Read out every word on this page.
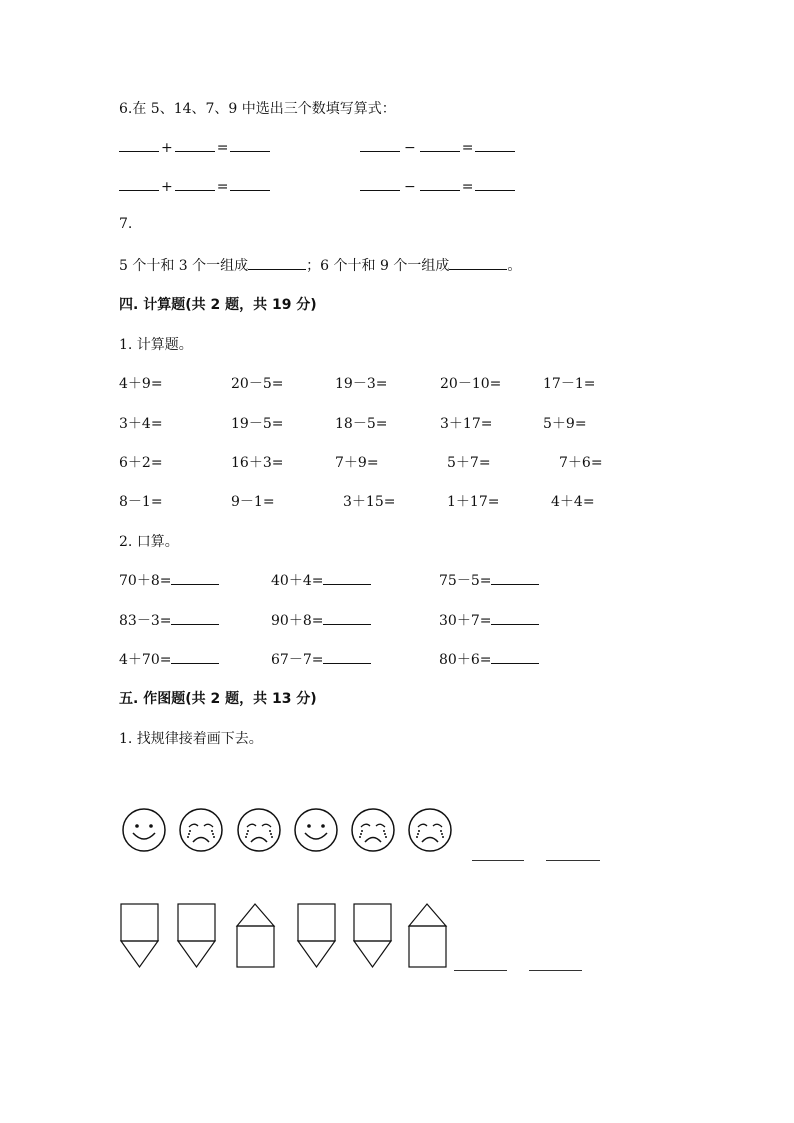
6.在 5、14、7、9 中选出三个数填写算式：
+	=	−	=
+	=	−	=
7.
5 个十和 3 个一组成	；6 个十和 9 个一组成	。
四. 计算题(共 2 题，共 19 分)
1. 计算题。
4＋9=	20－5=	19－3=	20－10=	17－1=
3＋4=	19－5=	18－5=	3＋17=	5＋9=
6＋2=	16＋3=	7＋9=	5＋7=	7＋6=
8－1=	9－1=	3＋15=	1＋17=	4＋4=
2. 口算。
70＋8=	40＋4=	75－5=
83－3=	90＋8=	30＋7=
4＋70=	67－7=	80＋6=
五. 作图题(共 2 题，共 13 分)
1. 找规律接着画下去。
